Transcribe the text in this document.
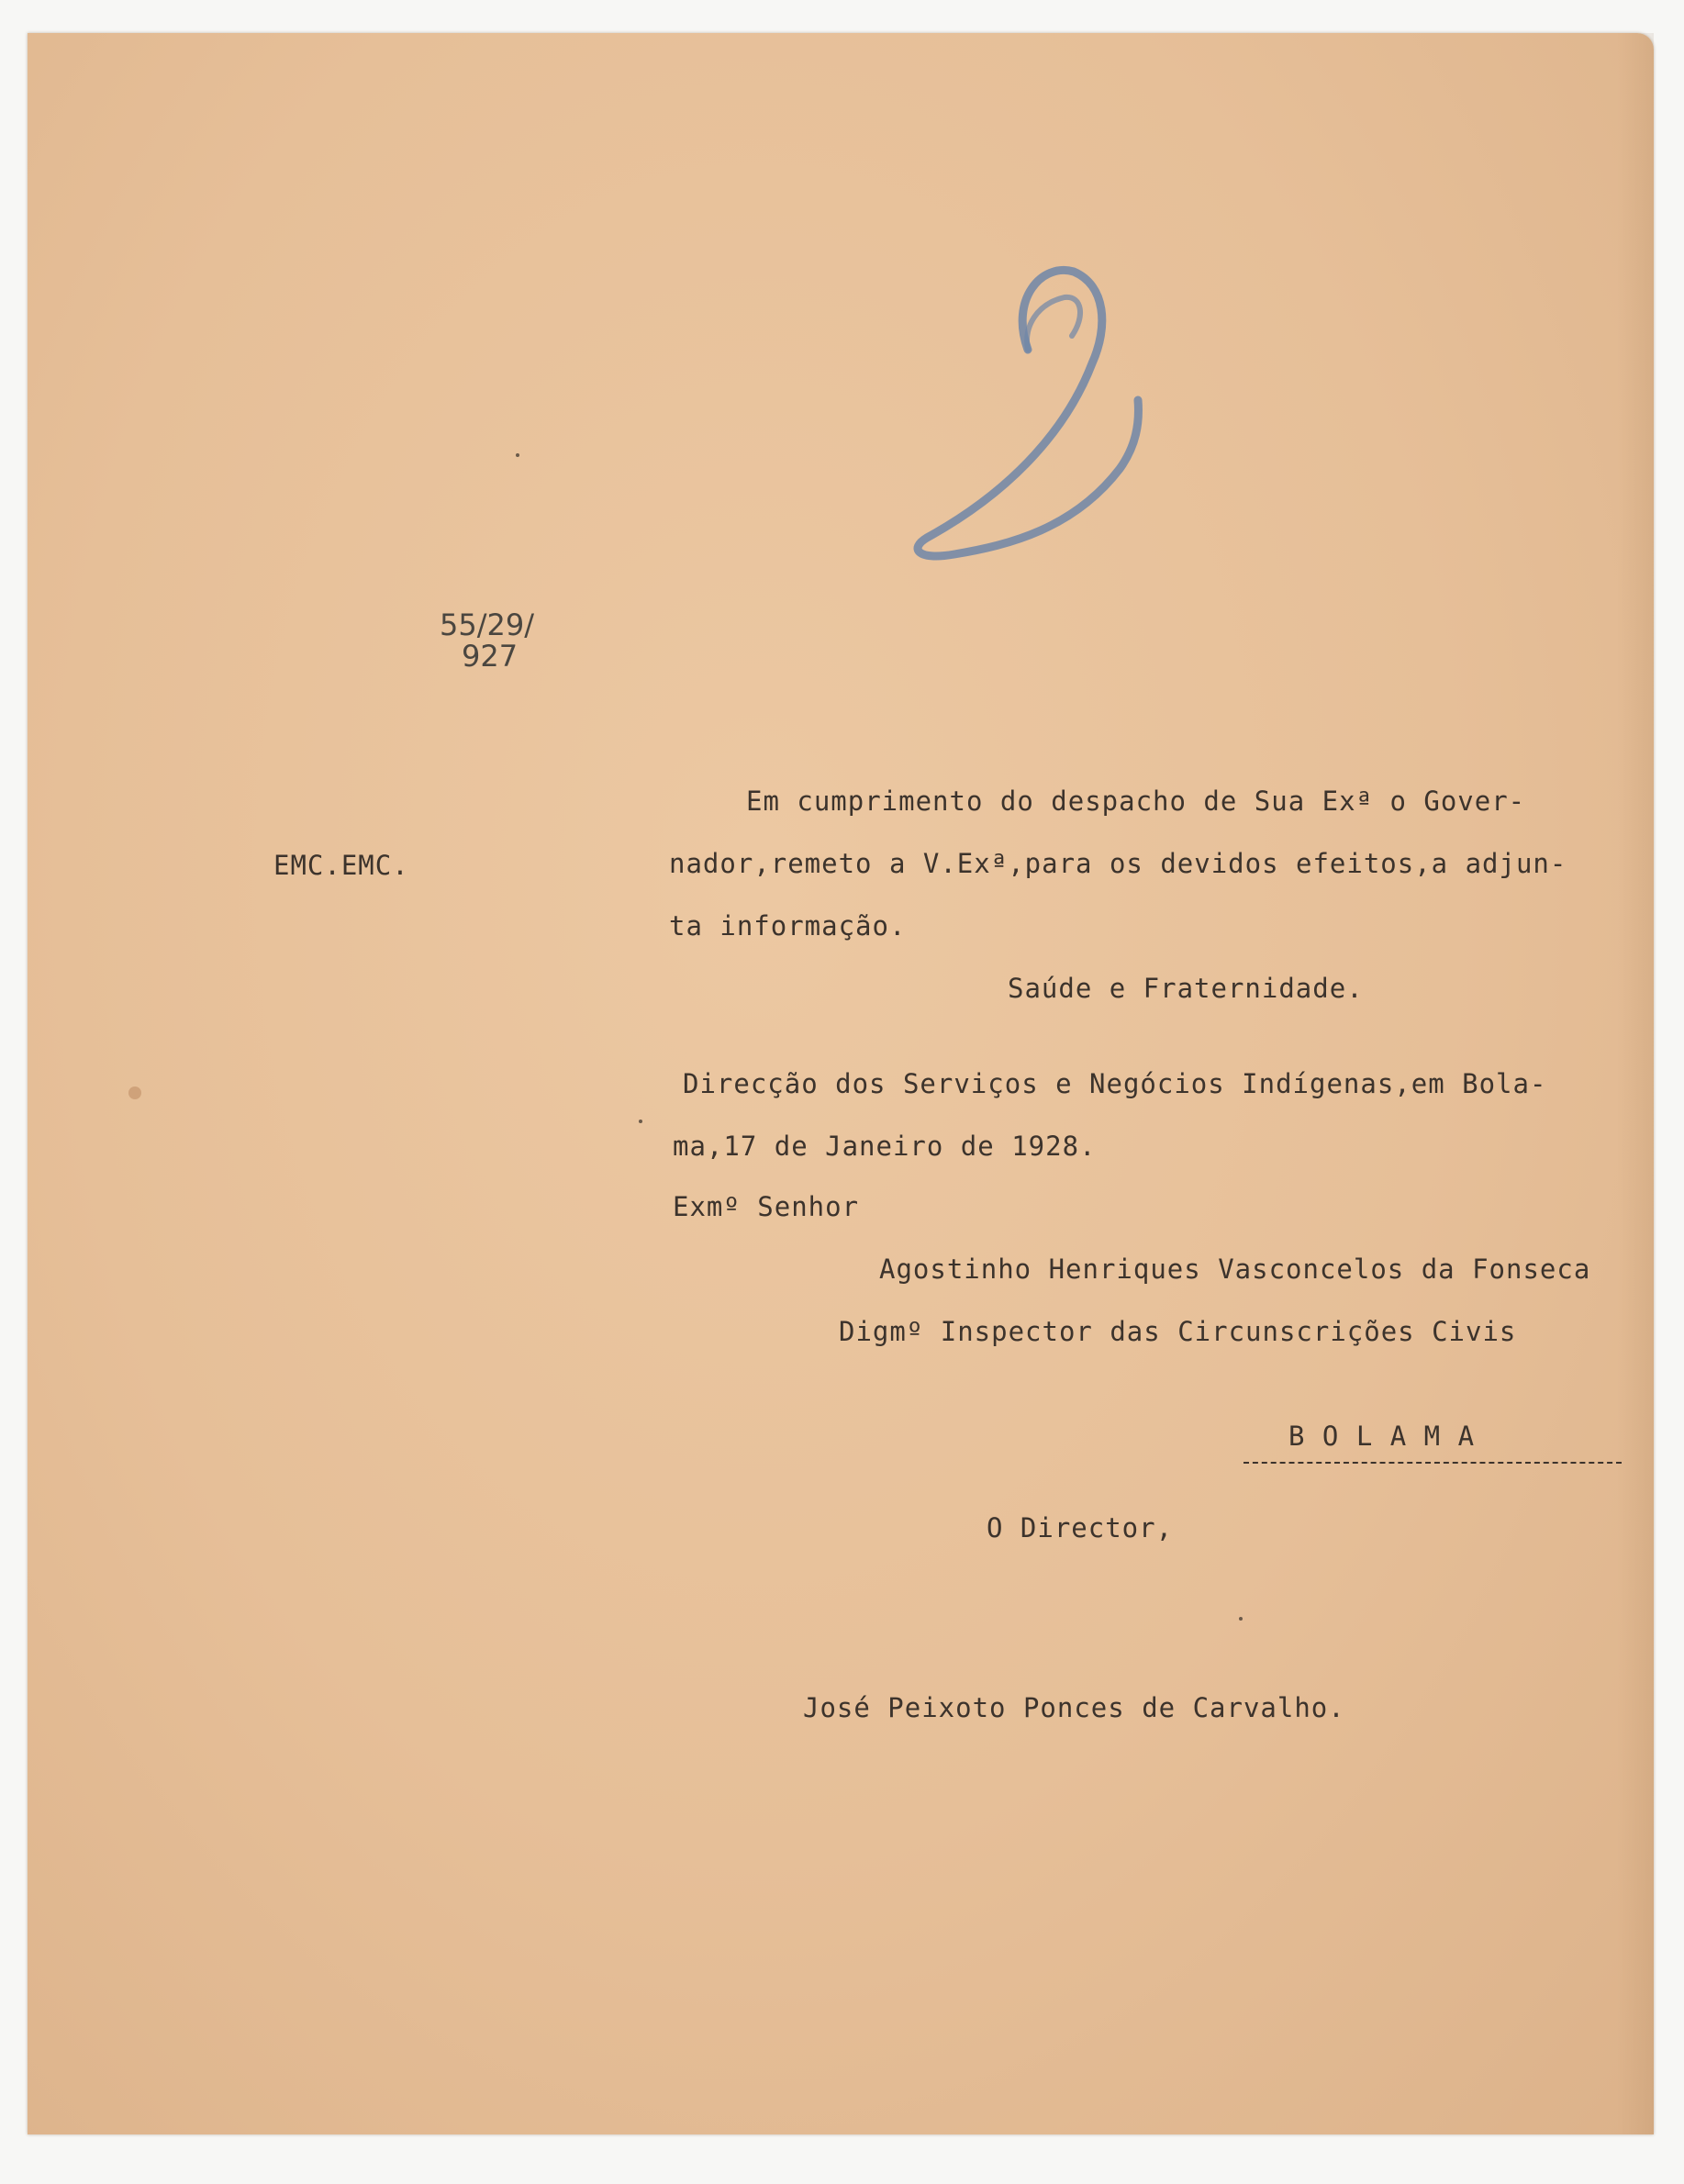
55/29/
927
EMC.EMC.
Em cumprimento do despacho de Sua Exª o Gover-
nador,remeto a V.Exª,para os devidos efeitos,a adjun-
ta informação.
Saúde e Fraternidade.
Direcção dos Serviços e Negócios Indígenas,em Bola-
ma,17 de Janeiro de 1928.
Exmº Senhor
Agostinho Henriques Vasconcelos da Fonseca
Digmº Inspector das Circunscrições Civis
B O L A M A
O Director,
José Peixoto Ponces de Carvalho.
